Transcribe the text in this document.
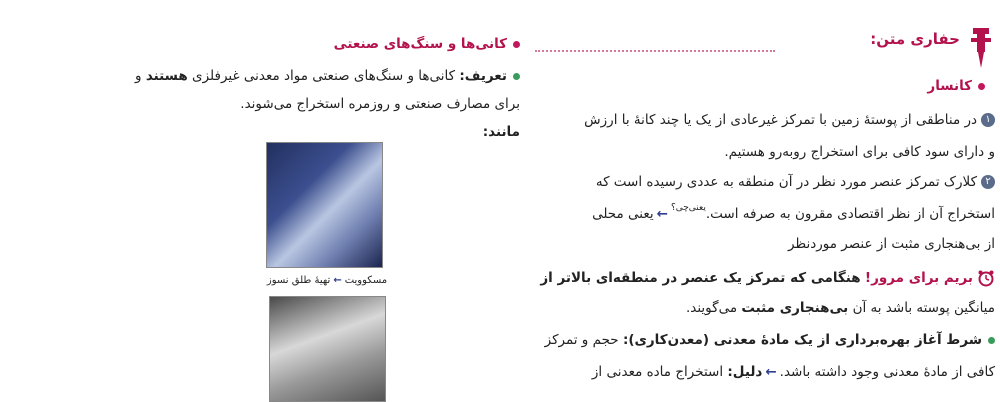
حفاری متن:
کانسار
۱در مناطقی از پوستهٔ زمین با تمرکز غیرعادی از یک یا چند کانهٔ با ارزش
و دارای سود کافی برای استخراج روبه‌رو هستیم.
۲کلارک تمرکز عنصر مورد نظر در آن منطقه به عددی رسیده است که
استخراج آن از نظر اقتصادی مقرون به صرفه است.$^{یعنی‌چی؟}$←یعنی محلی
از بی‌هنجاری مثبت از عنصر موردنظر
بریم برای مرور! هنگامی که تمرکز یک عنصر در منطقه‌ای بالاتر از
میانگین پوسته باشد به آن بی‌هنجاری مثبت می‌گویند.
شرط آغاز بهره‌برداری از یک مادهٔ معدنی (معدن‌کاری): حجم و تمرکز
کافی از مادهٔ معدنی وجود داشته باشد.←دلیل: استخراج ماده معدنی از
کانی‌ها و سنگ‌های صنعتی
تعریف: کانی‌ها و سنگ‌های صنعتی مواد معدنی غیرفلزی هستند و
برای مصارف صنعتی و روزمره استخراج می‌شوند.
مانند:
مسکوویت←تهیهٔ طلق نسوز
